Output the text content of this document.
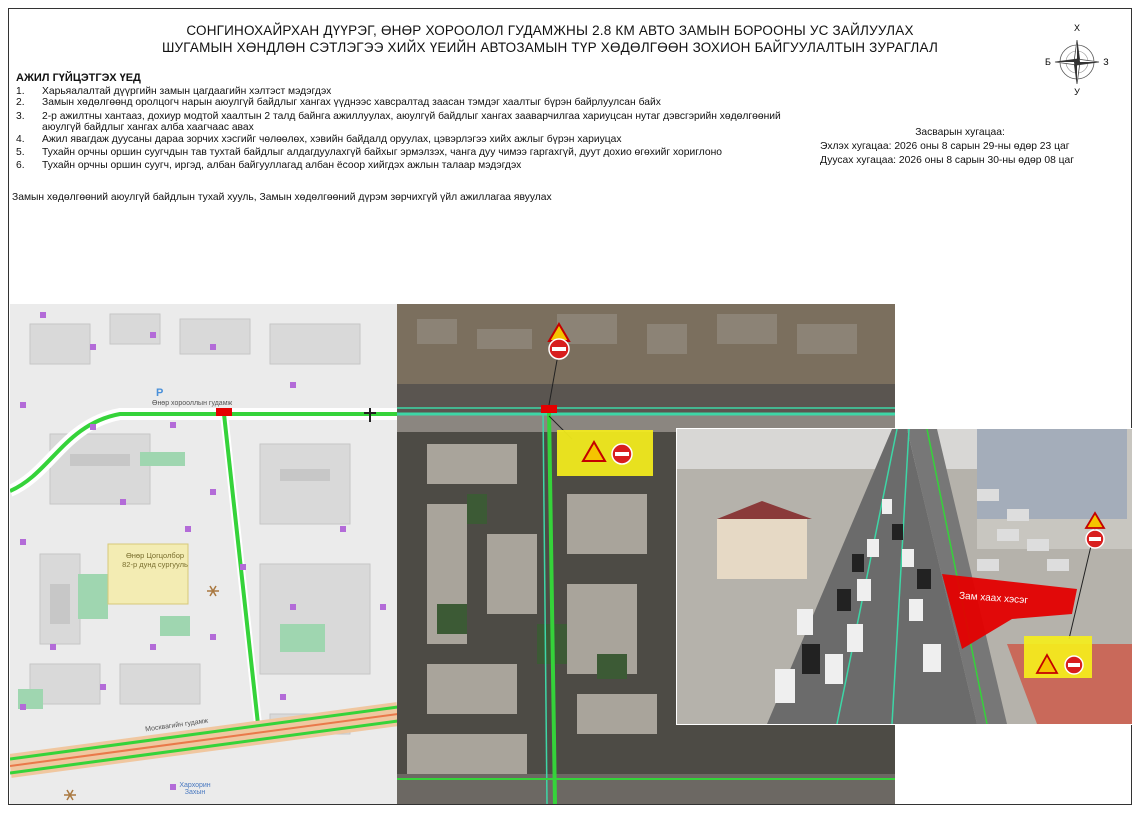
СОНГИНОХАЙРХАН ДҮҮРЭГ, ӨНӨР ХОРООЛОЛ ГУДАМЖНЫ 2.8 КМ АВТО ЗАМЫН БОРООНЫ УС ЗАЙЛУУЛАХ
ШУГАМЫН ХӨНДЛӨН СЭТЛЭГЭЭ ХИЙХ ҮЕИЙН АВТОЗАМЫН ТҮР ХӨДӨЛГӨӨН ЗОХИОН БАЙГУУЛАЛТЫН ЗУРАГЛАЛ
Х
У
Б	З
АЖИЛ ГҮЙЦЭТГЭХ ҮЕД
1.	Харьяалалтай дүүргийн замын цагдаагийн хэлтэст мэдэгдэх
2.	Замын хөдөлгөөнд оролцогч нарын аюулгүй байдлыг хангах үүднээс хавсралтад заасан тэмдэг хаалтыг бүрэн байрлуулсан байх
3.	2-р ажилтны хантааз, дохиур модтой хаалтын 2 талд байнга ажиллуулах, аюулгүй байдлыг хангах зааварчилгаа хариуцсан нутаг дэвсгэрийн хөдөлгөөний аюулгүй байдлыг хангах алба хаагчаас авах
4.	Ажил явагдаж дуусаны дараа зорчих хэсгийг чөлөөлөх, хэвийн байдалд оруулах, цэвэрлэгээ хийх ажлыг бүрэн хариуцах
5.	Тухайн орчны оршин суугчдын тав тухтай байдлыг алдагдуулахгүй байхыг эрмэлзэх, чанга дуу чимээ гаргахгүй, дуут дохио өгөхийг хориглоно
6.	Тухайн орчны оршин суугч, иргэд, албан байгууллагад албан ёсоор хийгдэх ажлын талаар мэдэгдэх
Замын хөдөлгөөний аюулгүй байдлын тухай хууль, Замын хөдөлгөөний дүрэм зөрчихгүй үйл ажиллагаа явуулах
Засварын хугацаа:
Эхлэх хугацаа: 2026 оны 8 сарын 29-ны өдөр 23 цаг
Дуусах хугацаа: 2026 оны 8 сарын 30-ны өдөр 08 цаг
P
Өнөр хорооллын гудамж
Өнөр Цогцолбор 82-р дунд сургууль
Москвагийн гудамж
Хархорин Захын
Зам хаах хэсэг
